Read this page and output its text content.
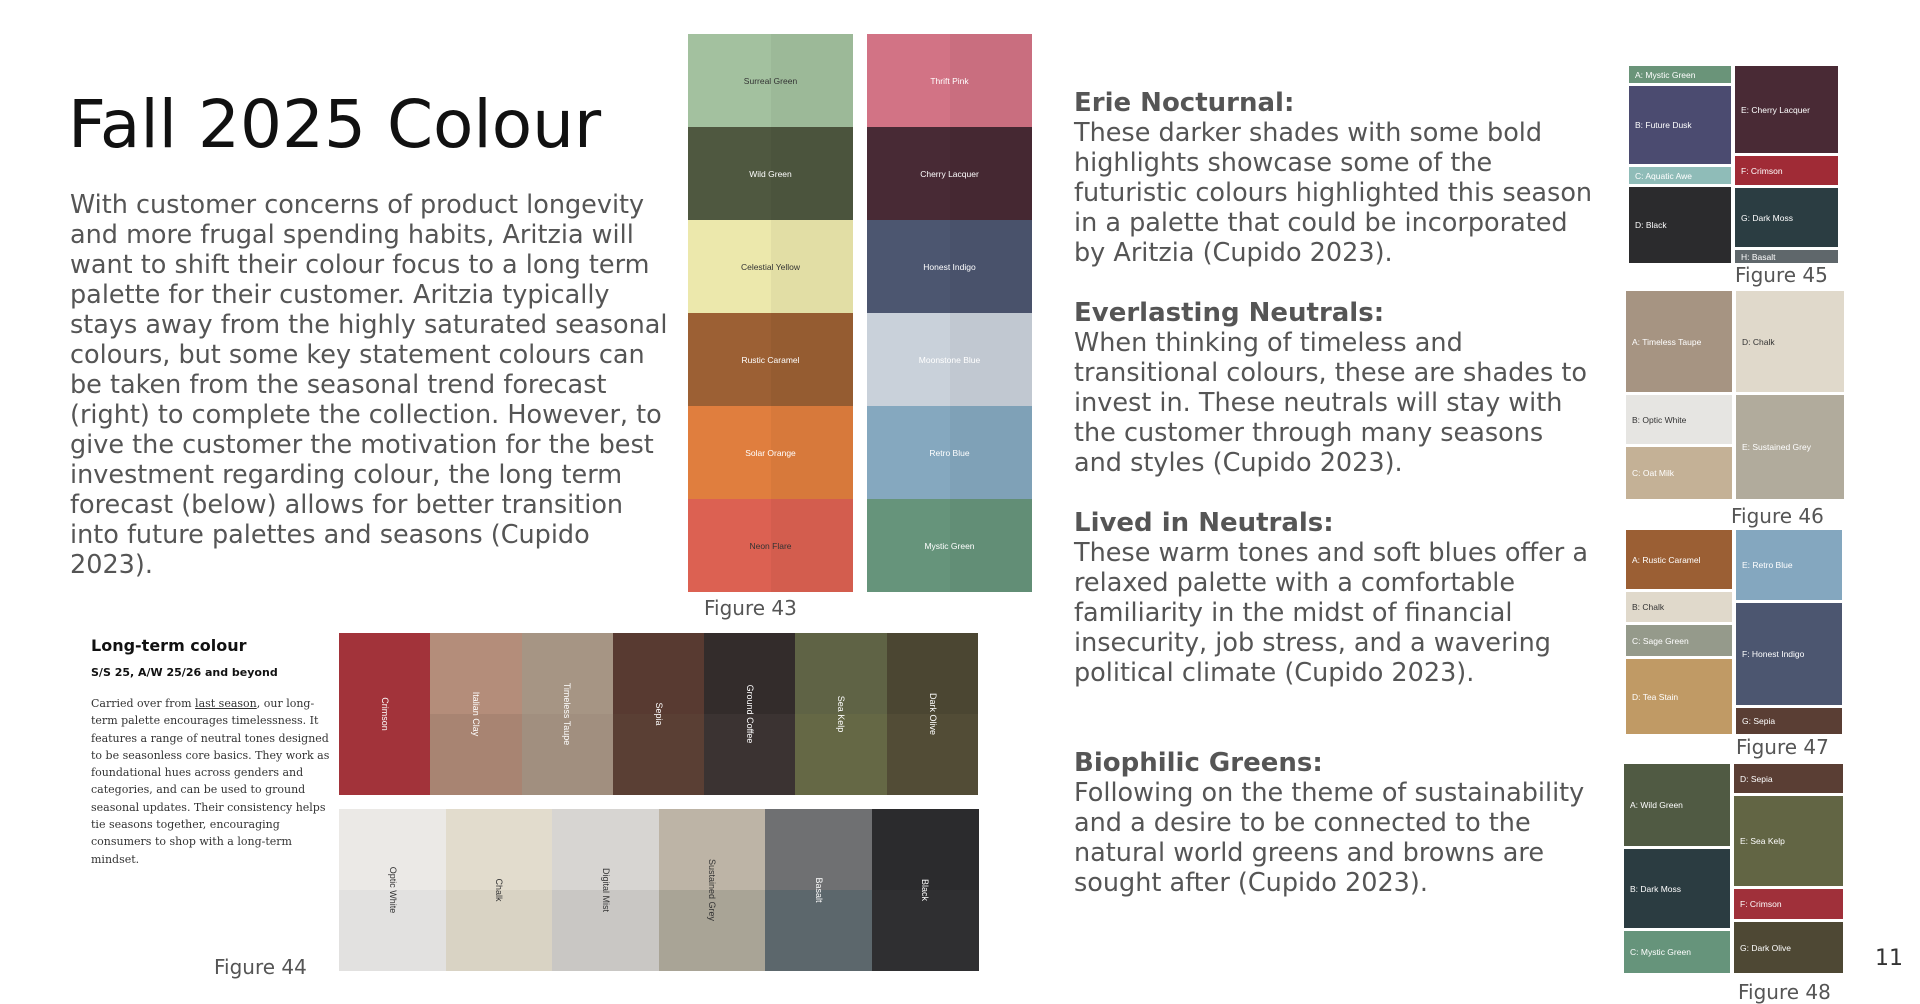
Fall 2025 Colour
With customer concerns of product longevity and more frugal spending habits, Aritzia will want to shift their colour focus to a long term palette for their customer. Aritzia typically stays away from the highly saturated seasonal colours, but some key statement colours can be taken from the seasonal trend forecast (right) to complete the collection. However, to give the customer the motivation for the best investment regarding colour, the long term forecast (below) allows for better transition into future palettes and seasons (Cupido 2023).
Surreal Green
Wild Green
Celestial Yellow
Rustic Caramel
Solar Orange
Neon Flare
Thrift Pink
Cherry Lacquer
Honest Indigo
Moonstone Blue
Retro Blue
Mystic Green
Figure 43
Erie Nocturnal:
These darker shades with some bold highlights showcase some of the futuristic colours highlighted this season in a palette that could be incorporated by Aritzia (Cupido 2023).
Everlasting Neutrals:
When thinking of timeless and transitional colours, these are shades to invest in. These neutrals will stay with the customer through many seasons and styles (Cupido 2023).
Lived in Neutrals:
These warm tones and soft blues offer a relaxed palette with a comfortable familiarity in the midst of financial insecurity, job stress, and a wavering political climate (Cupido 2023).
Biophilic Greens:
Following on the theme of sustainability and a desire to be connected to the natural world greens and browns are sought after (Cupido 2023).
Long-term colour
S/S 25, A/W 25/26 and beyond
Carried over from last season, our long-term palette encourages timelessness. It features a range of neutral tones designed to be seasonless core basics. They work as foundational hues across genders and categories, and can be used to ground seasonal updates. Their consistency helps tie seasons together, encouraging consumers to shop with a long-term mindset.
Figure 44
Crimson	Italian Clay	Timeless Taupe	Sepia	Ground Coffee	Sea Kelp	Dark Olive
Optic White	Chalk	Digital Mist	Sustained Grey	Basalt	Black
A: Mystic Green
B: Future Dusk
C: Aquatic Awe
D: Black
E: Cherry Lacquer
F: Crimson
G: Dark Moss
H: Basalt
Figure 45
A: Timeless Taupe
B: Optic White
C: Oat Milk
D: Chalk
E: Sustained Grey
Figure 46
A: Rustic Caramel
B: Chalk
C: Sage Green
D: Tea Stain
E: Retro Blue
F: Honest Indigo
G: Sepia
Figure 47
A: Wild Green
B: Dark Moss
C: Mystic Green
D: Sepia
E: Sea Kelp
F: Crimson
G: Dark Olive
Figure 48
11
